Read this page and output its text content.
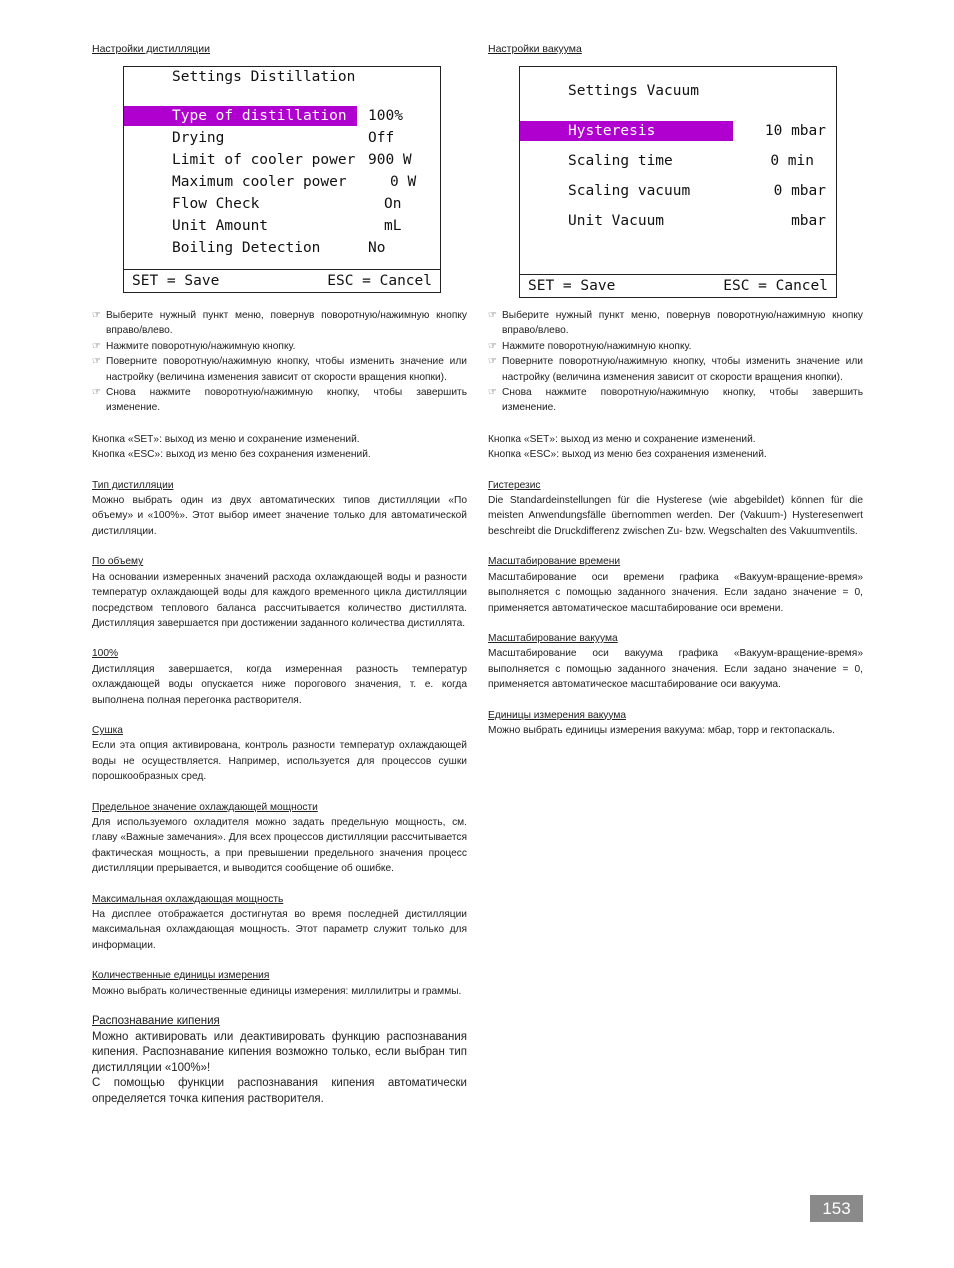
Настройки дистилляции
Settings Distillation
Type of distillation 100%
Drying	Off
Limit of cooler power 900 W
Maximum cooler power	0 W
Flow Check	On
Unit Amount	mL
Boiling Detection	No
SET = Save	ESC = Cancel
☞ Выберите нужный пункт меню, повернув поворотную/нажимную кнопку вправо/влево.
☞ Нажмите поворотную/нажимную кнопку.
☞ Поверните поворотную/нажимную кнопку, чтобы изменить значение или настройку (величина изменения зависит от скорости вращения кнопки).
☞ Снова нажмите поворотную/нажимную кнопку, чтобы завершить изменение.
Кнопка «SET»: выход из меню и сохранение изменений.
Кнопка «ESC»: выход из меню без сохранения изменений.
Тип дистилляции

Можно выбрать один из двух автоматических типов дистилляции «По объему» и «100%». Этот выбор имеет значение только для автоматической дистилляции.

По объему

На основании измеренных значений расхода охлаждающей воды и разности температур охлаждающей воды для каждого временного цикла дистилляции посредством теплового баланса рассчитывается количество дистиллята. Дистилляция завершается при достижении заданного количества дистиллята.

100%

Дистилляция завершается, когда измеренная разность температур охлаждающей воды опускается ниже порогового значения, т. е. когда выполнена полная перегонка растворителя.

Сушка

Если эта опция активирована, контроль разности температур охлаждающей воды не осуществляется. Например, используется для процессов сушки порошкообразных сред.

Предельное значение охлаждающей мощности

Для используемого охладителя можно задать предельную мощность, см. главу «Важные замечания». Для всех процессов дистилляции рассчитывается фактическая мощность, а при превышении предельного значения процесс дистилляции прерывается, и выводится сообщение об ошибке.

Максимальная охлаждающая мощность

На дисплее отображается достигнутая во время последней дистилляции максимальная охлаждающая мощность. Этот параметр служит только для информации.

Количественные единицы измерения

Можно выбрать количественные единицы измерения: миллилитры и граммы.

Распознавание кипения

Можно активировать или деактивировать функцию распознавания кипения. Распознавание кипения возможно только, если выбран тип дистилляции «100%»!

С помощью функции распознавания кипения автоматически определяется точка кипения растворителя.

Настройки вакуума
Settings Vacuum
Hysteresis	10 mbar
Scaling time	0 min
Scaling vacuum	0 mbar
Unit Vacuum	mbar
SET = Save	ESC = Cancel
☞ Выберите нужный пункт меню, повернув поворотную/нажимную кнопку вправо/влево.
☞ Нажмите поворотную/нажимную кнопку.
☞ Поверните поворотную/нажимную кнопку, чтобы изменить значение или настройку (величина изменения зависит от скорости вращения кнопки).
☞ Снова нажмите поворотную/нажимную кнопку, чтобы завершить изменение.
Кнопка «SET»: выход из меню и сохранение изменений.
Кнопка «ESC»: выход из меню без сохранения изменений.
Гистерезис

Die Standardeinstellungen für die Hysterese (wie abgebildet) können für die meisten Anwendungsfälle übernommen werden. Der (Vakuum-) Hysteresenwert beschreibt die Druckdifferenz zwischen Zu- bzw. Wegschalten des Vakuumventils.

Масштабирование времени

Масштабирование оси времени графика «Вакуум-вращение-время» выполняется с помощью заданного значения. Если задано значение = 0, применяется автоматическое масштабирование оси времени.

Масштабирование вакуума

Масштабирование оси вакуума графика «Вакуум-вращение-время» выполняется с помощью заданного значения. Если задано значение = 0, применяется автоматическое масштабирование оси вакуума.

Единицы измерения вакуума

Можно выбрать единицы измерения вакуума: мбар, торр и гектопаскаль.

153
